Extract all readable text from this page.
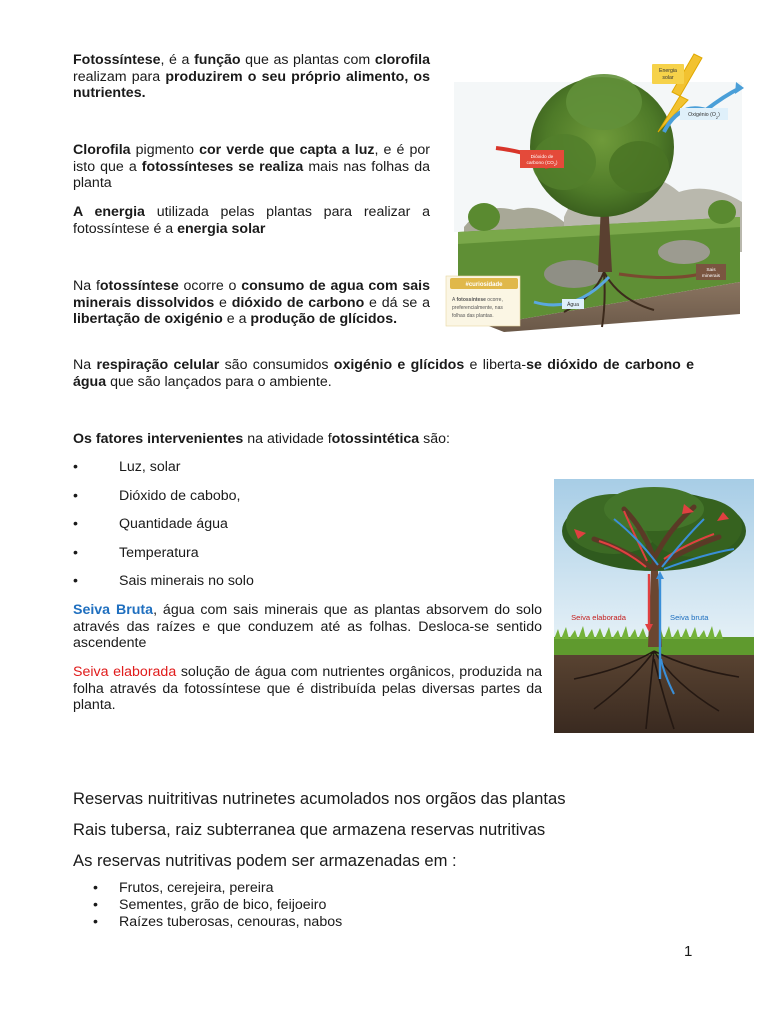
Fotossíntese, é a função que as plantas com clorofila realizam para produzirem o seu próprio alimento, os nutrientes.
Clorofila pigmento cor verde que capta a luz, e é por isto que a fotossínteses se realiza mais nas folhas da planta
A energia utilizada pelas plantas para realizar a fotossíntese é a energia solar
Na fotossíntese ocorre o consumo de agua com sais minerais dissolvidos e dióxido de carbono e dá se a libertação de oxigénio e a produção de glícidos.
Na respiração celular são consumidos oxigénio e glícidos e liberta-se dióxido de carbono e água que são lançados para o ambiente.
Os fatores intervenientes na atividade fotossintética são:
•	Luz, solar
•	Dióxido de cabobo,
•	Quantidade água
•	Temperatura
•	Sais minerais no solo
Seiva Bruta, água com sais minerais que as plantas absorvem do solo através das raízes e que conduzem até as folhas. Desloca-se sentido ascendente
Seiva elaborada solução de água com nutrientes orgânicos, produzida na folha através da fotossíntese que é distribuída pelas diversas partes da planta.
Reservas nuitritivas nutrinetes acumolados nos orgãos das plantas
Rais tubersa, raiz subterranea que armazena reservas nutritivas
As reservas nutritivas podem ser armazenadas em :
• Frutos, cerejeira, pereira
• Sementes, grão de bico, feijoeiro
• Raízes tuberosas, cenouras, nabos
1
Energia
solar
Oxigénio $(O_2)$
Dióxido de
carbono $(CO_2)$
Água
Sais
minerais
#curiosidade
A fotossíntese ocorre,
preferencialmente, nas
folhas das plantas.
Seiva elaborada	Seiva bruta
